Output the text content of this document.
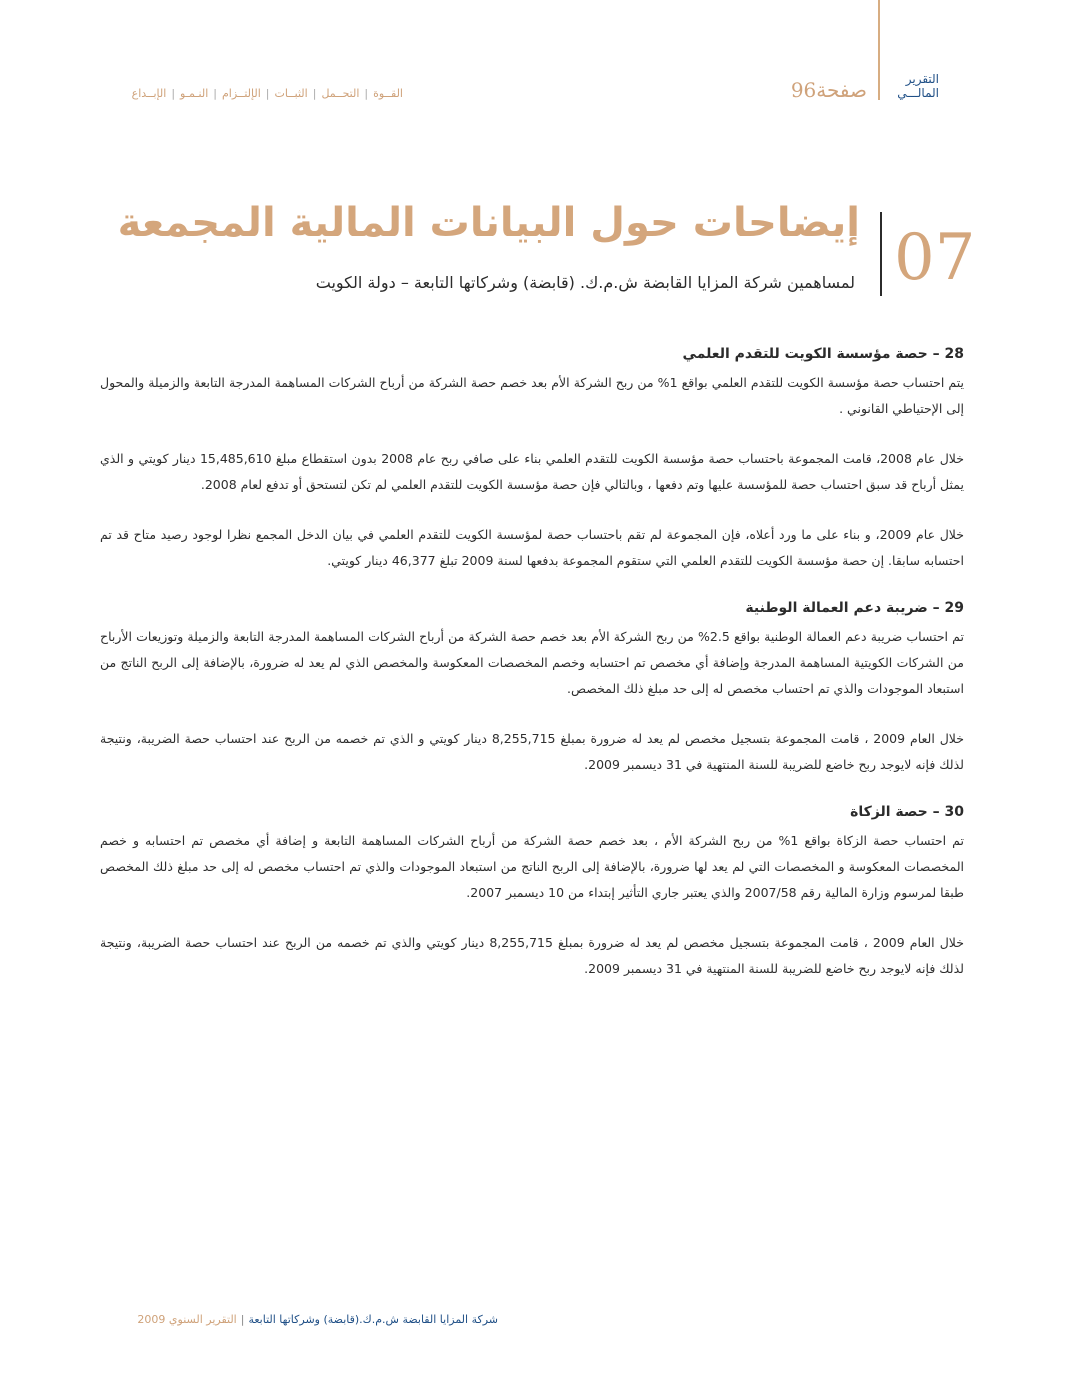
التقرير
المالـــي
صفحة96
القــوة|التحــمل|الثبــات|الإلتــزام|النـمـو|الإبــداع
07
إيضاحات حول البيانات المالية المجمعة
لمساهمين شركة المزايا القابضة ش.م.ك. (قابضة) وشركاتها التابعة – دولة الكويت
28 – حصة مؤسسة الكويت للتقدم العلمي

يتم احتساب حصة مؤسسة الكويت للتقدم العلمي بواقع 1% من ربح الشركة الأم بعد خصم حصة الشركة من أرباح الشركات المساهمة المدرجة التابعة والزميلة والمحول إلى الإحتياطي القانوني .

خلال عام 2008، قامت المجموعة باحتساب حصة مؤسسة الكويت للتقدم العلمي بناء على صافي ربح عام 2008 بدون استقطاع مبلغ 15,485,610 دينار كويتي و الذي يمثل أرباح قد سبق احتساب حصة للمؤسسة عليها وتم دفعها ، وبالتالي فإن حصة مؤسسة الكويت للتقدم العلمي لم تكن لتستحق أو تدفع لعام 2008.

خلال عام 2009، و بناء على ما ورد أعلاه، فإن المجموعة لم تقم باحتساب حصة لمؤسسة الكويت للتقدم العلمي في بيان الدخل المجمع نظرا لوجود رصيد متاح قد تم احتسابه سابقا. إن حصة مؤسسة الكويت للتقدم العلمي التي ستقوم المجموعة بدفعها لسنة 2009 تبلغ 46,377 دينار كويتي.

29 – ضريبة دعم العمالة الوطنية

تم احتساب ضريبة دعم العمالة الوطنية بواقع 2.5% من ربح الشركة الأم بعد خصم حصة الشركة من أرباح الشركات المساهمة المدرجة التابعة والزميلة وتوزيعات الأرباح من الشركات الكويتية المساهمة المدرجة وإضافة أي مخصص تم احتسابه وخصم المخصصات المعكوسة والمخصص الذي لم يعد له ضرورة، بالإضافة إلى الربح الناتج من استبعاد الموجودات والذي تم احتساب مخصص له إلى حد مبلغ ذلك المخصص.

خلال العام 2009 ، قامت المجموعة بتسجيل مخصص لم يعد له ضرورة بمبلغ 8,255,715 دينار كويتي و الذي تم خصمه من الربح عند احتساب حصة الضريبة، ونتيجة لذلك فإنه لايوجد ربح خاضع للضريبة للسنة المنتهية في 31 ديسمبر 2009.

30 – حصة الزكاة

تم احتساب حصة الزكاة بواقع 1% من ربح الشركة الأم ، بعد خصم حصة الشركة من أرباح الشركات المساهمة التابعة و إضافة أي مخصص تم احتسابه و خصم المخصصات المعكوسة و المخصصات التي لم يعد لها ضرورة، بالإضافة إلى الربح الناتج من استبعاد الموجودات والذي تم احتساب مخصص له إلى حد مبلغ ذلك المخصص طبقا لمرسوم وزارة المالية رقم 2007/58 والذي يعتبر جاري التأثير إبتداء من 10 ديسمبر 2007.

خلال العام 2009 ، قامت المجموعة بتسجيل مخصص لم يعد له ضرورة بمبلغ 8,255,715 دينار كويتي والذي تم خصمه من الربح عند احتساب حصة الضريبة، ونتيجة لذلك فإنه لايوجد ربح خاضع للضريبة للسنة المنتهية في 31 ديسمبر 2009.

شركة المزايا القابضة ش.م.ك.(قابضة) وشركاتها التابعة|التقرير السنوي 2009
